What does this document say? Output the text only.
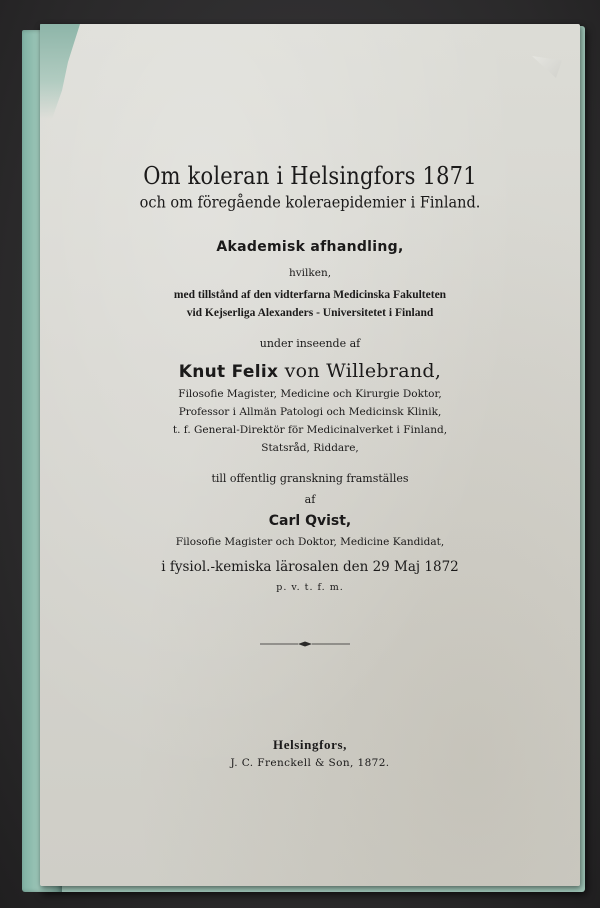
Om koleran i Helsingfors 1871
och om föregående koleraepidemier i Finland.
Akademisk afhandling,
hvilken,
med tillstånd af den vidterfarna Medicinska Fakulteten
vid Kejserliga Alexanders - Universitetet i Finland
under inseende af
Knut Felix von Willebrand,
Filosofie Magister, Medicine och Kirurgie Doktor,
Professor i Allmän Patologi och Medicinsk Klinik,
t. f. General-Direktör för Medicinalverket i Finland,
Statsråd, Riddare,
till offentlig granskning framställes
af
Carl Qvist,
Filosofie Magister och Doktor, Medicine Kandidat,
i fysiol.-kemiska lärosalen den 29 Maj 1872
p. v. t. f. m.
Helsingfors,
J. C. Frenckell & Son, 1872.
